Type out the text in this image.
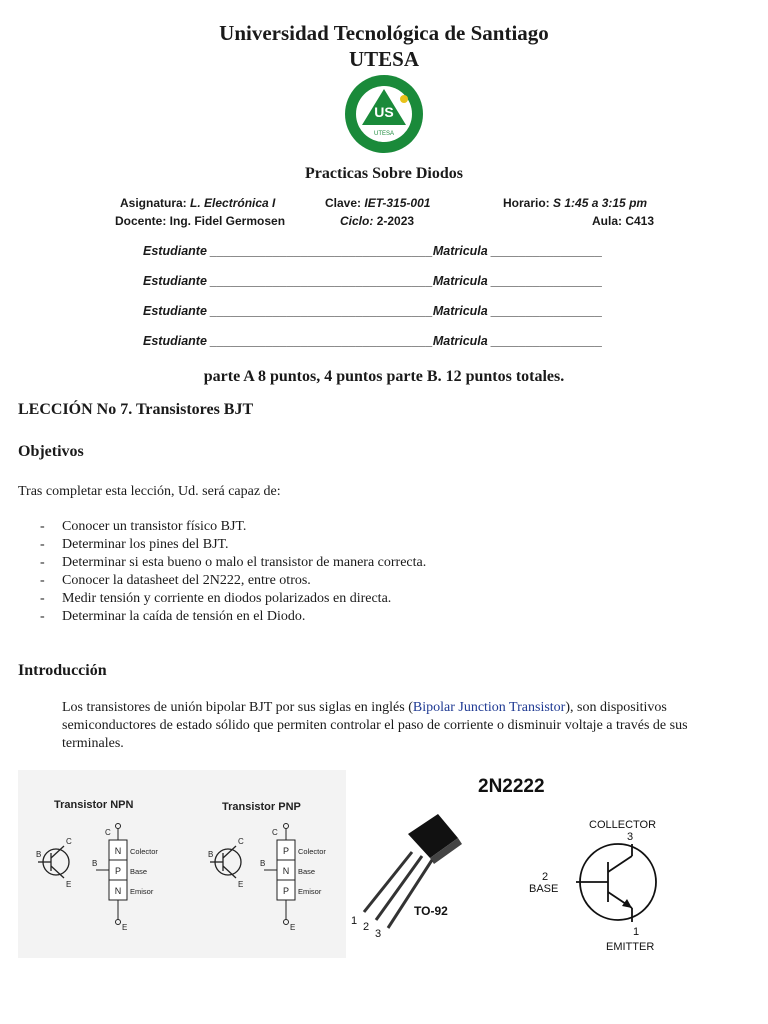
Universidad Tecnológica de Santiago
UTESA
US
UTESA
Practicas Sobre Diodos
Asignatura: L. Electrónica I	Clave: IET-315-001	Horario: S 1:45 a 3:15 pm
Docente: Ing. Fidel Germosen	Ciclo: 2-2023	Aula: C413
Estudiante ________________________________Matricula ________________
Estudiante ________________________________Matricula ________________
Estudiante ________________________________Matricula ________________
Estudiante ________________________________Matricula ________________
parte A 8 puntos, 4 puntos parte B. 12 puntos totales.
LECCIÓN No 7. Transistores BJT
Objetivos
Tras completar esta lección, Ud. será capaz de:
- Conocer un transistor físico BJT.
- Determinar los pines del BJT.
- Determinar si esta bueno o malo el transistor de manera correcta.
- Conocer la datasheet del 2N222, entre otros.
- Medir tensión y corriente en diodos polarizados en directa.
- Determinar la caída de tensión en el Diodo.
Introducción
Los transistores de unión bipolar BJT por sus siglas en inglés (Bipolar Junction Transistor), son dispositivos semiconductores de estado sólido que permiten controlar el paso de corriente o disminuir voltaje a través de sus terminales.
Transistor NPN	Transistor PNP
B
C
E
C
N
P
N
E
B
Colector
Base
Emisor
B
C
E
C
P
N
P
E
B
Colector
Base
Emisor
2N2222
1 2
3
TO-92
COLLECTOR
3
2
BASE
1
EMITTER
